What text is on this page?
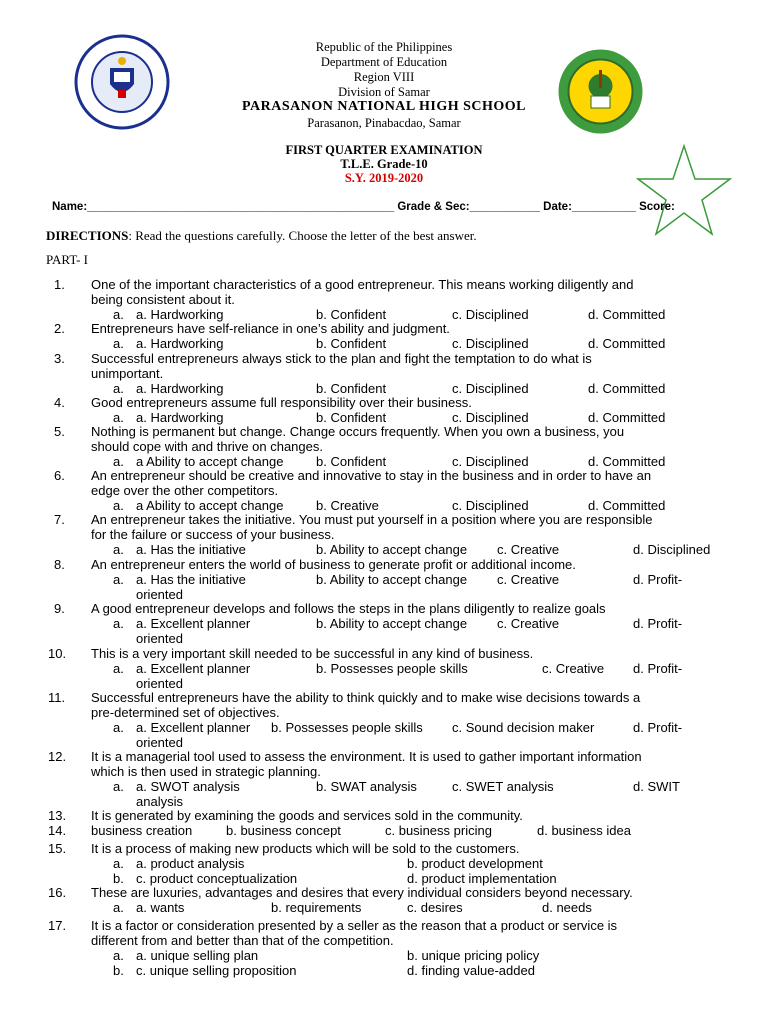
Republic of the Philippines
Department of Education
Region VIII
Division of Samar
PARASANON NATIONAL HIGH SCHOOL
Parasanon, Pinabacdao, Samar
FIRST QUARTER EXAMINATION
T.L.E. Grade-10
S.Y. 2019-2020
Name:________________________________________________ Grade & Sec:___________ Date:__________ Score:
DIRECTIONS: Read the questions carefully. Choose the letter of the best answer.
PART- I
1.	One of the important characteristics of a good entrepreneur. This means working diligently and
being consistent about it.
a. a. Hardworking	b. Confident	c. Disciplined	d. Committed
2.	Entrepreneurs have self-reliance in one’s ability and judgment.
a. a. Hardworking	b. Confident	c. Disciplined	d. Committed
3.	Successful entrepreneurs always stick to the plan and fight the temptation to do what is
unimportant.
a. a. Hardworking	b. Confident	c. Disciplined	d. Committed
4.	Good entrepreneurs assume full responsibility over their business.
a. a. Hardworking	b. Confident	c. Disciplined	d. Committed
5.	Nothing is permanent but change. Change occurs frequently. When you own a business, you
should cope with and thrive on changes.
a. a Ability to accept change	b. Confident	c. Disciplined	d. Committed
6.	An entrepreneur should be creative and innovative to stay in the business and in order to have an
edge over the other competitors.
a. a Ability to accept change	b. Creative	c. Disciplined	d. Committed
7.	An entrepreneur takes the initiative. You must put yourself in a position where you are responsible
for the failure or success of your business.
a. a. Has the initiative	b. Ability to accept change c. Creative	d. Disciplined
8.	An entrepreneur enters the world of business to generate profit or additional income.
a. a. Has the initiative	b. Ability to accept change c. Creative	d. Profit-
oriented
9.	A good entrepreneur develops and follows the steps in the plans diligently to realize goals
a. a. Excellent planner	b. Ability to accept change c. Creative	d. Profit-
oriented
10.	This is a very important skill needed to be successful in any kind of business.
a. a. Excellent planner	b. Possesses people skills	c. Creative d. Profit-
oriented
11.	Successful entrepreneurs have the ability to think quickly and to make wise decisions towards a
pre-determined set of objectives.
a. a. Excellent planner b. Possesses people skills c. Sound decision maker	d. Profit-
oriented
12.	It is a managerial tool used to assess the environment. It is used to gather important information
which is then used in strategic planning.
a. a. SWOT analysis	b. SWAT analysis	c. SWET analysis	d. SWIT
analysis
13.	It is generated by examining the goods and services sold in the community.
14.	business creation	b. business concept	c. business pricing	d. business idea
15.	It is a process of making new products which will be sold to the customers.
a. a. product analysis	b. product development
b. c. product conceptualization	d. product implementation
16.	These are luxuries, advantages and desires that every individual considers beyond necessary.
a. a. wants	b. requirements	c. desires	d. needs
17.	It is a factor or consideration presented by a seller as the reason that a product or service is
different from and better than that of the competition.
a. a. unique selling plan	b. unique pricing policy
b. c. unique selling proposition	d. finding value-added
